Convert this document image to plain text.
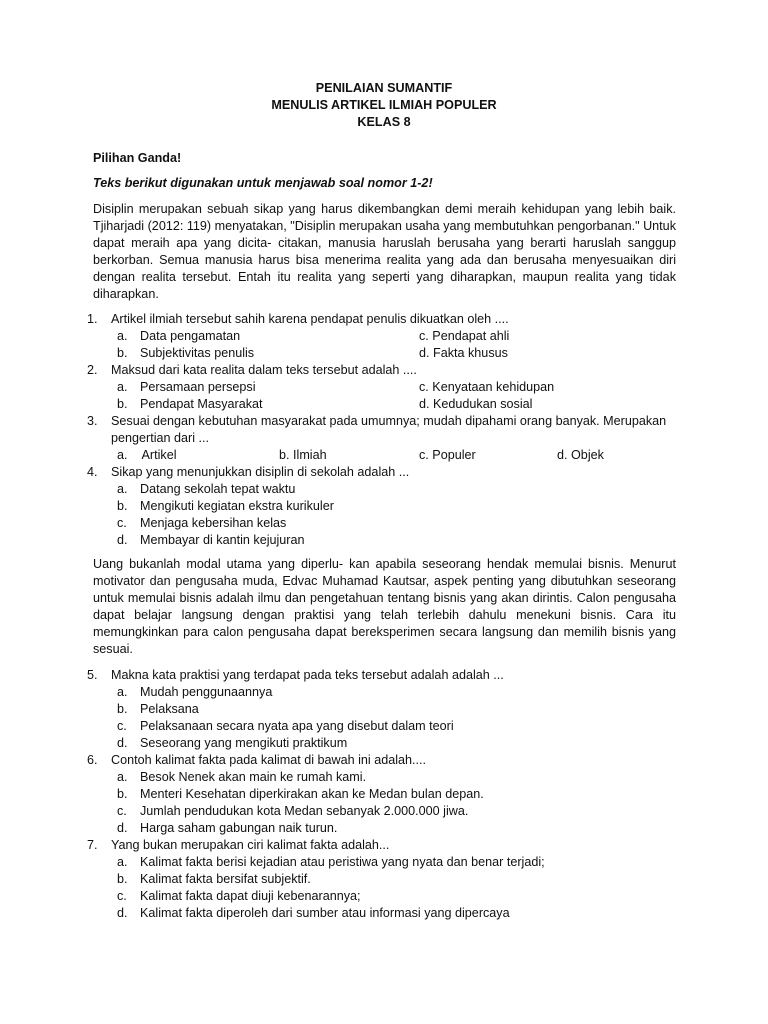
PENILAIAN SUMANTIF
MENULIS ARTIKEL ILMIAH POPULER
KELAS 8
Pilihan Ganda!
Teks berikut digunakan untuk menjawab soal nomor 1-2!
Disiplin merupakan sebuah sikap yang harus dikembangkan demi meraih kehidupan yang lebih baik. Tjiharjadi (2012: 119) menyatakan, "Disiplin merupakan usaha yang membutuhkan pengorbanan." Untuk dapat meraih apa yang dicita- citakan, manusia haruslah berusaha yang berarti haruslah sanggup berkorban. Semua manusia harus bisa menerima realita yang ada dan berusaha menyesuaikan diri dengan realita tersebut. Entah itu realita yang seperti yang diharapkan, maupun realita yang tidak diharapkan.
1. Artikel ilmiah tersebut sahih karena pendapat penulis dikuatkan oleh ....
a. Data pengamatan	c. Pendapat ahli
b. Subjektivitas penulis	d. Fakta khusus
2. Maksud dari kata realita dalam teks tersebut adalah ....
a. Persamaan persepsi	c. Kenyataan kehidupan
b. Pendapat Masyarakat	d. Kedudukan sosial
3. Sesuai dengan kebutuhan masyarakat pada umumnya; mudah dipahami orang banyak. Merupakan pengertian dari ...
a. Artikel	b. Ilmiah	c. Populer	d. Objek
4. Sikap yang menunjukkan disiplin di sekolah adalah ...
a. Datang sekolah tepat waktu
b. Mengikuti kegiatan ekstra kurikuler
c. Menjaga kebersihan kelas
d. Membayar di kantin kejujuran
Uang bukanlah modal utama yang diperlu- kan apabila seseorang hendak memulai bisnis. Menurut motivator dan pengusaha muda, Edvac Muhamad Kautsar, aspek penting yang dibutuhkan seseorang untuk memulai bisnis adalah ilmu dan pengetahuan tentang bisnis yang akan dirintis. Calon pengusaha dapat belajar langsung dengan praktisi yang telah terlebih dahulu menekuni bisnis. Cara itu memungkinkan para calon pengusaha dapat bereksperimen secara langsung dan memilih bisnis yang sesuai.
5. Makna kata praktisi yang terdapat pada teks tersebut adalah adalah ...
a. Mudah penggunaannya
b. Pelaksana
c. Pelaksanaan secara nyata apa yang disebut dalam teori
d. Seseorang yang mengikuti praktikum
6. Contoh kalimat fakta pada kalimat di bawah ini adalah....
a. Besok Nenek akan main ke rumah kami.
b. Menteri Kesehatan diperkirakan akan ke Medan bulan depan.
c. Jumlah pendudukan kota Medan sebanyak 2.000.000 jiwa.
d. Harga saham gabungan naik turun.
7. Yang bukan merupakan ciri kalimat fakta adalah...
a. Kalimat fakta berisi kejadian atau peristiwa yang nyata dan benar terjadi;
b. Kalimat fakta bersifat subjektif.
c. Kalimat fakta dapat diuji kebenarannya;
d. Kalimat fakta diperoleh dari sumber atau informasi yang dipercaya
